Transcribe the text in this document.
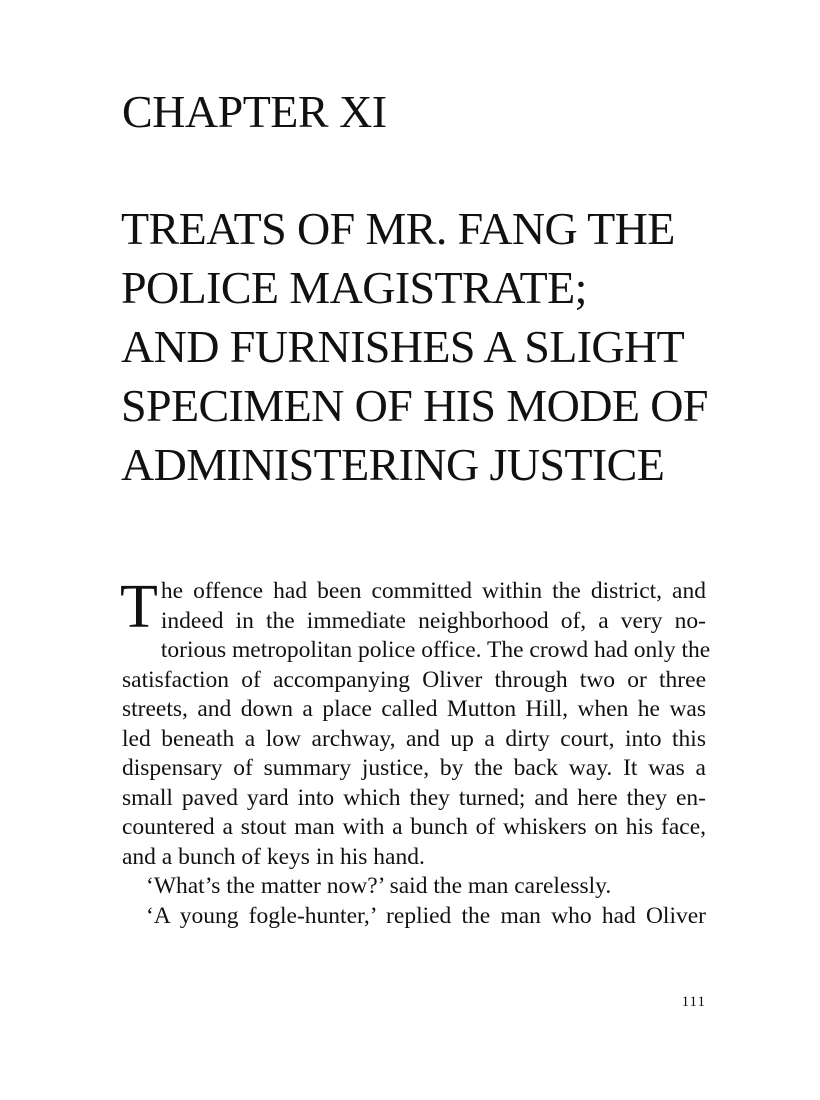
CHAPTER XI
TREATS OF MR. FANG THE
POLICE MAGISTRATE;
AND FURNISHES A SLIGHT
SPECIMEN OF HIS MODE OF
ADMINISTERING JUSTICE
T he offence had been committed within the district, and
indeed in the immediate neighborhood of, a very no-
torious metropolitan police office. The crowd had only the
satisfaction of accompanying Oliver through two or three
streets, and down a place called Mutton Hill, when he was
led beneath a low archway, and up a dirty court, into this
dispensary of summary justice, by the back way. It was a
small paved yard into which they turned; and here they en-
countered a stout man with a bunch of whiskers on his face,
and a bunch of keys in his hand.
‘What’s the matter now?’ said the man carelessly.
‘A young fogle-hunter,’ replied the man who had Oliver
111
